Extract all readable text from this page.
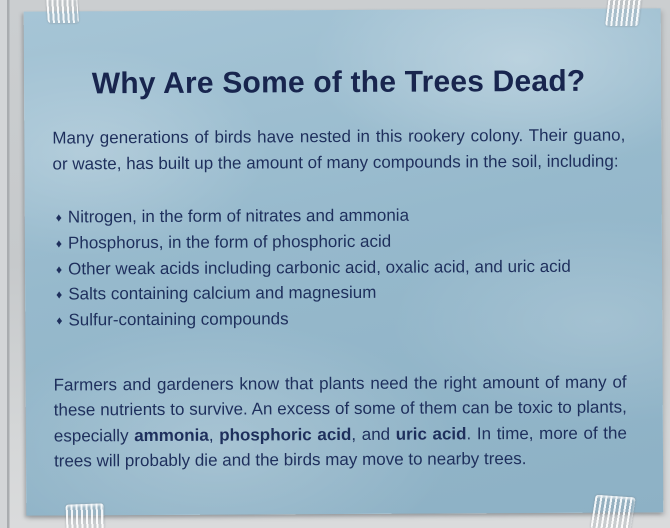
Why Are Some of the Trees Dead?

Many generations of birds have nested in this rookery colony. Their guano, or waste, has built up the amount of many compounds in the soil, including:

♦ Nitrogen, in the form of nitrates and ammonia
♦ Phosphorus, in the form of phosphoric acid
♦ Other weak acids including carbonic acid, oxalic acid, and uric acid
♦ Salts containing calcium and magnesium
♦ Sulfur-containing compounds

Farmers and gardeners know that plants need the right amount of many of these nutrients to survive. An excess of some of them can be toxic to plants, especially ammonia, phosphoric acid, and uric acid. In time, more of the trees will probably die and the birds may move to nearby trees.
